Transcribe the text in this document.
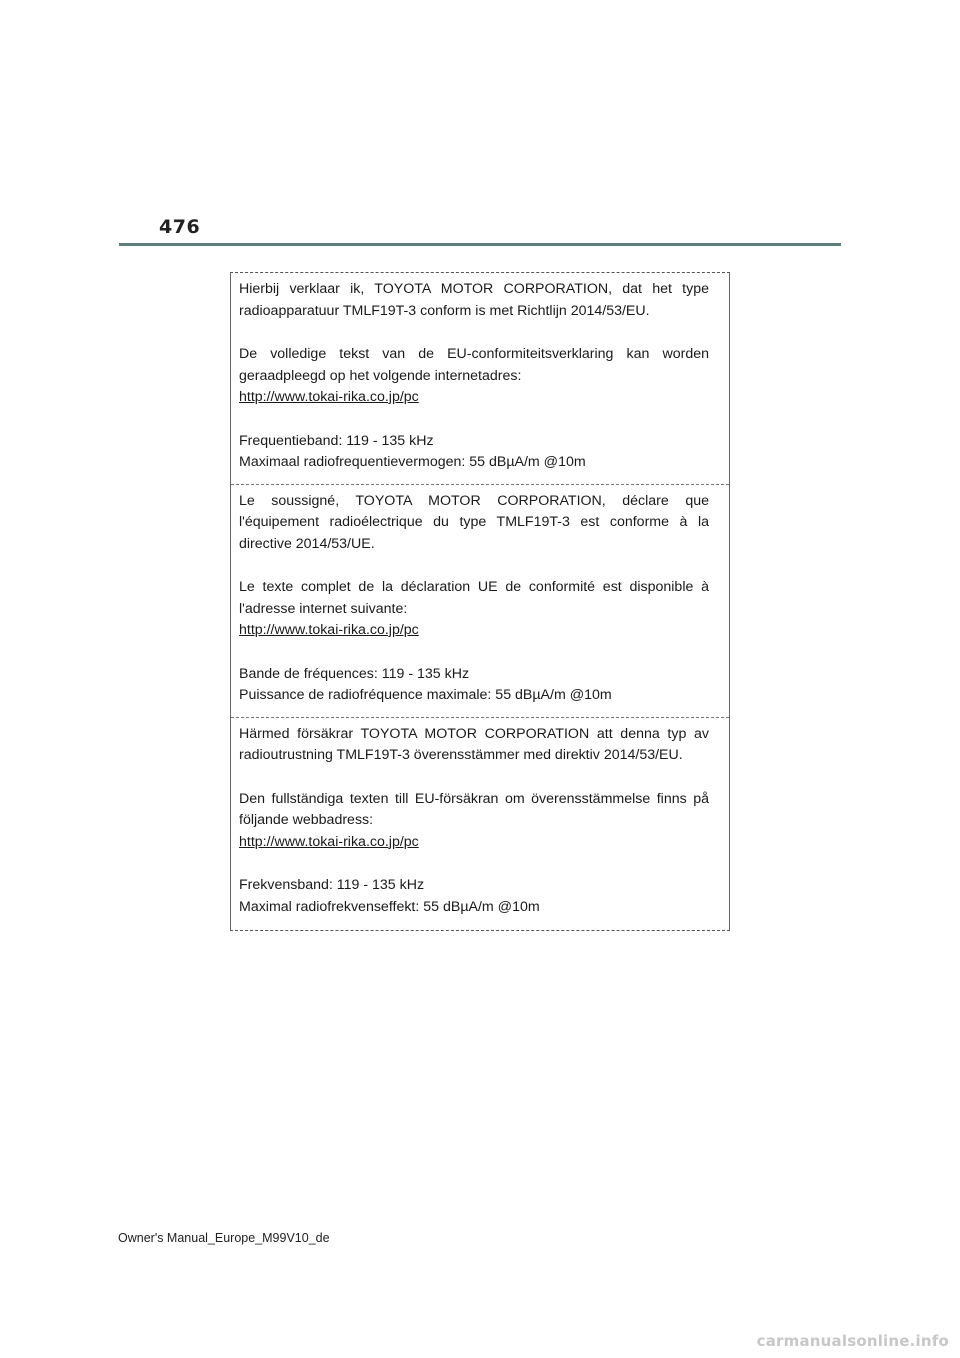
476

Hierbij verklaar ik, TOYOTA MOTOR CORPORATION, dat het type radioapparatuur TMLF19T-3 conform is met Richtlijn 2014/53/EU.

De volledige tekst van de EU-conformiteitsverklaring kan worden geraadpleegd op het volgende internetadres:
http://www.tokai-rika.co.jp/pc

Frequentieband: 119 - 135 kHz
Maximaal radiofrequentievermogen: 55 dBµA/m @10m

Le soussigné, TOYOTA MOTOR CORPORATION, déclare que l'équipement radioélectrique du type TMLF19T-3 est conforme à la directive 2014/53/UE.

Le texte complet de la déclaration UE de conformité est disponible à l'adresse internet suivante:
http://www.tokai-rika.co.jp/pc

Bande de fréquences: 119 - 135 kHz
Puissance de radiofréquence maximale: 55 dBµA/m @10m

Härmed försäkrar TOYOTA MOTOR CORPORATION att denna typ av radioutrustning TMLF19T-3 överensstämmer med direktiv 2014/53/EU.

Den fullständiga texten till EU-försäkran om överensstämmelse finns på följande webbadress:
http://www.tokai-rika.co.jp/pc

Frekvensband: 119 - 135 kHz
Maximal radiofrekvenseffekt: 55 dBµA/m @10m

Owner's Manual_Europe_M99V10_de
carmanualsonline.info
